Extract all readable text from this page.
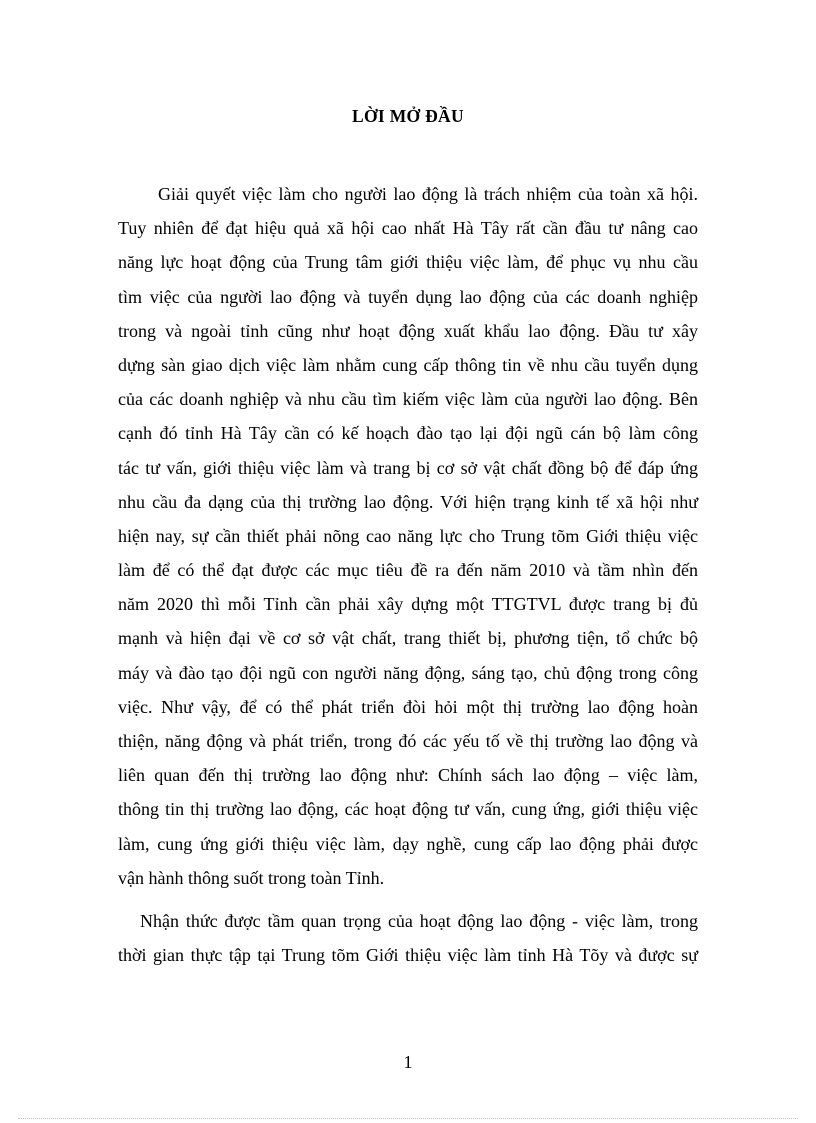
LỜI MỞ ĐẦU
Giải quyết việc làm cho người lao động là trách nhiệm của toàn xã hội.
Tuy nhiên để đạt hiệu quả xã hội cao nhất Hà Tây rất cần đầu tư nâng cao
năng lực hoạt động của Trung tâm giới thiệu việc làm, để phục vụ nhu cầu
tìm việc của người lao động và tuyển dụng lao động của các doanh nghiệp
trong và ngoài tỉnh cũng như hoạt động xuất khẩu lao động. Đầu tư xây
dựng sàn giao dịch việc làm nhằm cung cấp thông tin về nhu cầu tuyển dụng
của các doanh nghiệp và nhu cầu tìm kiếm việc làm của người lao động. Bên
cạnh đó tỉnh Hà Tây cần có kế hoạch đào tạo lại đội ngũ cán bộ làm công
tác tư vấn, giới thiệu việc làm và trang bị cơ sở vật chất đồng bộ để đáp ứng
nhu cầu đa dạng của thị trường lao động. Với hiện trạng kinh tế xã hội như
hiện nay, sự cần thiết phải nõng cao năng lực cho Trung tõm Giới thiệu việc
làm để có thể đạt được các mục tiêu đề ra đến năm 2010 và tầm nhìn đến
năm 2020 thì mỗi Tỉnh cần phải xây dựng một TTGTVL được trang bị đủ
mạnh và hiện đại về cơ sở vật chất, trang thiết bị, phương tiện, tổ chức bộ
máy và đào tạo đội ngũ con người năng động, sáng tạo, chủ động trong công
việc. Như vậy, để có thể phát triển đòi hỏi một thị trường lao động hoàn
thiện, năng động và phát triển, trong đó các yếu tố về thị trường lao động và
liên quan đến thị trường lao động như: Chính sách lao động – việc làm,
thông tin thị trường lao động, các hoạt động tư vấn, cung ứng, giới thiệu việc
làm, cung ứng giới thiệu việc làm, dạy nghề, cung cấp lao động phải được
vận hành thông suốt trong toàn Tỉnh.
Nhận thức được tầm quan trọng của hoạt động lao động - việc làm, trong
thời gian thực tập tại Trung tõm Giới thiệu việc làm tỉnh Hà Tõy và được sự
1
